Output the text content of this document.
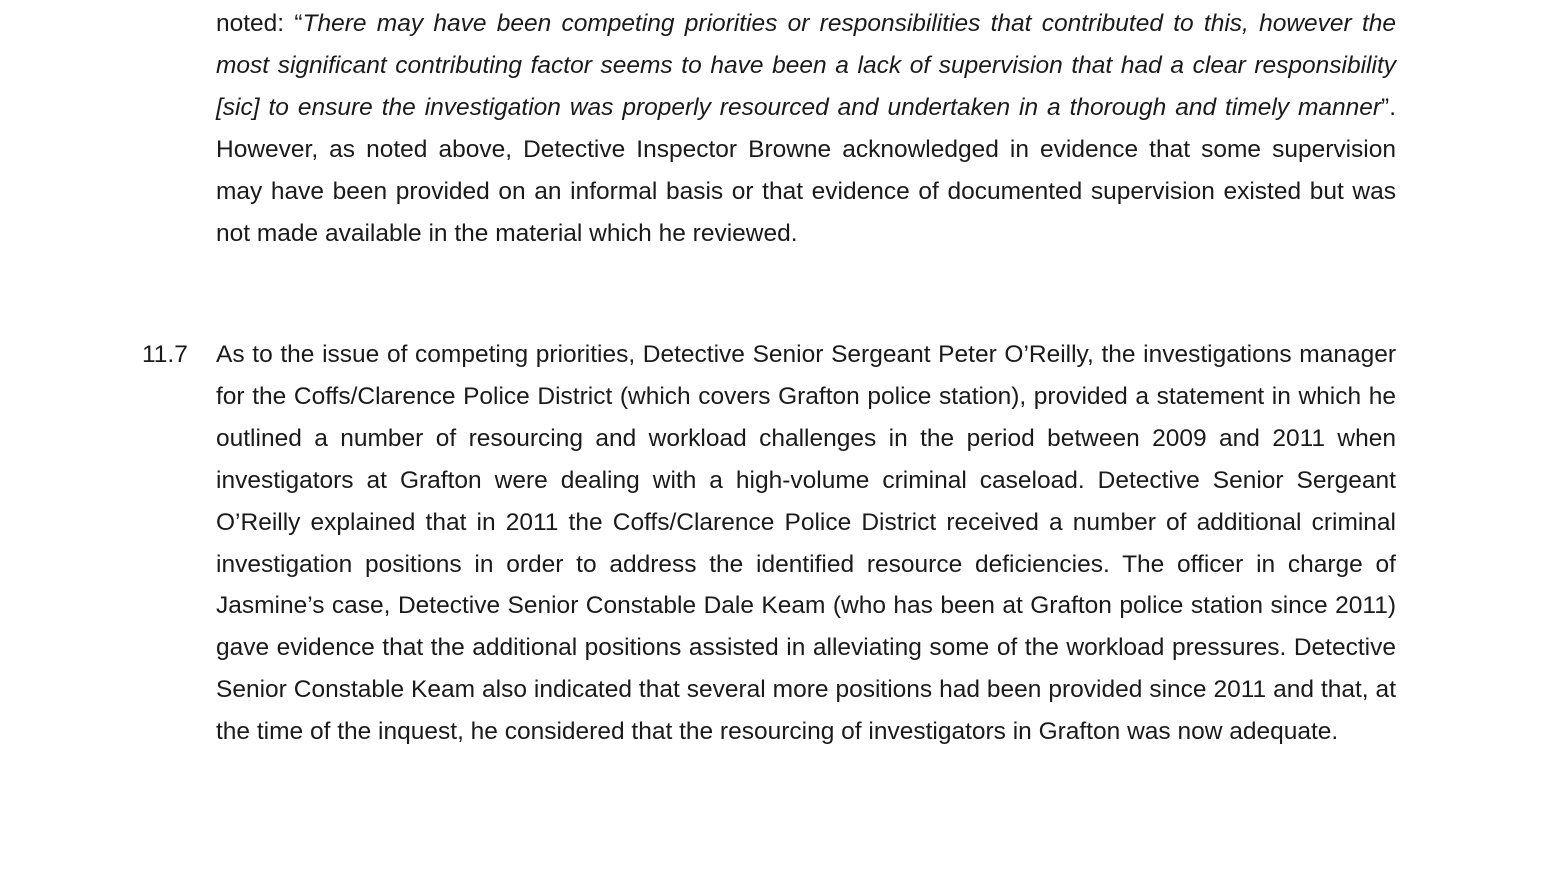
noted: “There may have been competing priorities or responsibilities that contributed to this, however the most significant contributing factor seems to have been a lack of supervision that had a clear responsibility [sic] to ensure the investigation was properly resourced and undertaken in a thorough and timely manner”. However, as noted above, Detective Inspector Browne acknowledged in evidence that some supervision may have been provided on an informal basis or that evidence of documented supervision existed but was not made available in the material which he reviewed.

11.7 As to the issue of competing priorities, Detective Senior Sergeant Peter O’Reilly, the investigations manager for the Coffs/Clarence Police District (which covers Grafton police station), provided a statement in which he outlined a number of resourcing and workload challenges in the period between 2009 and 2011 when investigators at Grafton were dealing with a high-volume criminal caseload. Detective Senior Sergeant O’Reilly explained that in 2011 the Coffs/Clarence Police District received a number of additional criminal investigation positions in order to address the identified resource deficiencies. The officer in charge of Jasmine’s case, Detective Senior Constable Dale Keam (who has been at Grafton police station since 2011) gave evidence that the additional positions assisted in alleviating some of the workload pressures. Detective Senior Constable Keam also indicated that several more positions had been provided since 2011 and that, at the time of the inquest, he considered that the resourcing of investigators in Grafton was now adequate.
